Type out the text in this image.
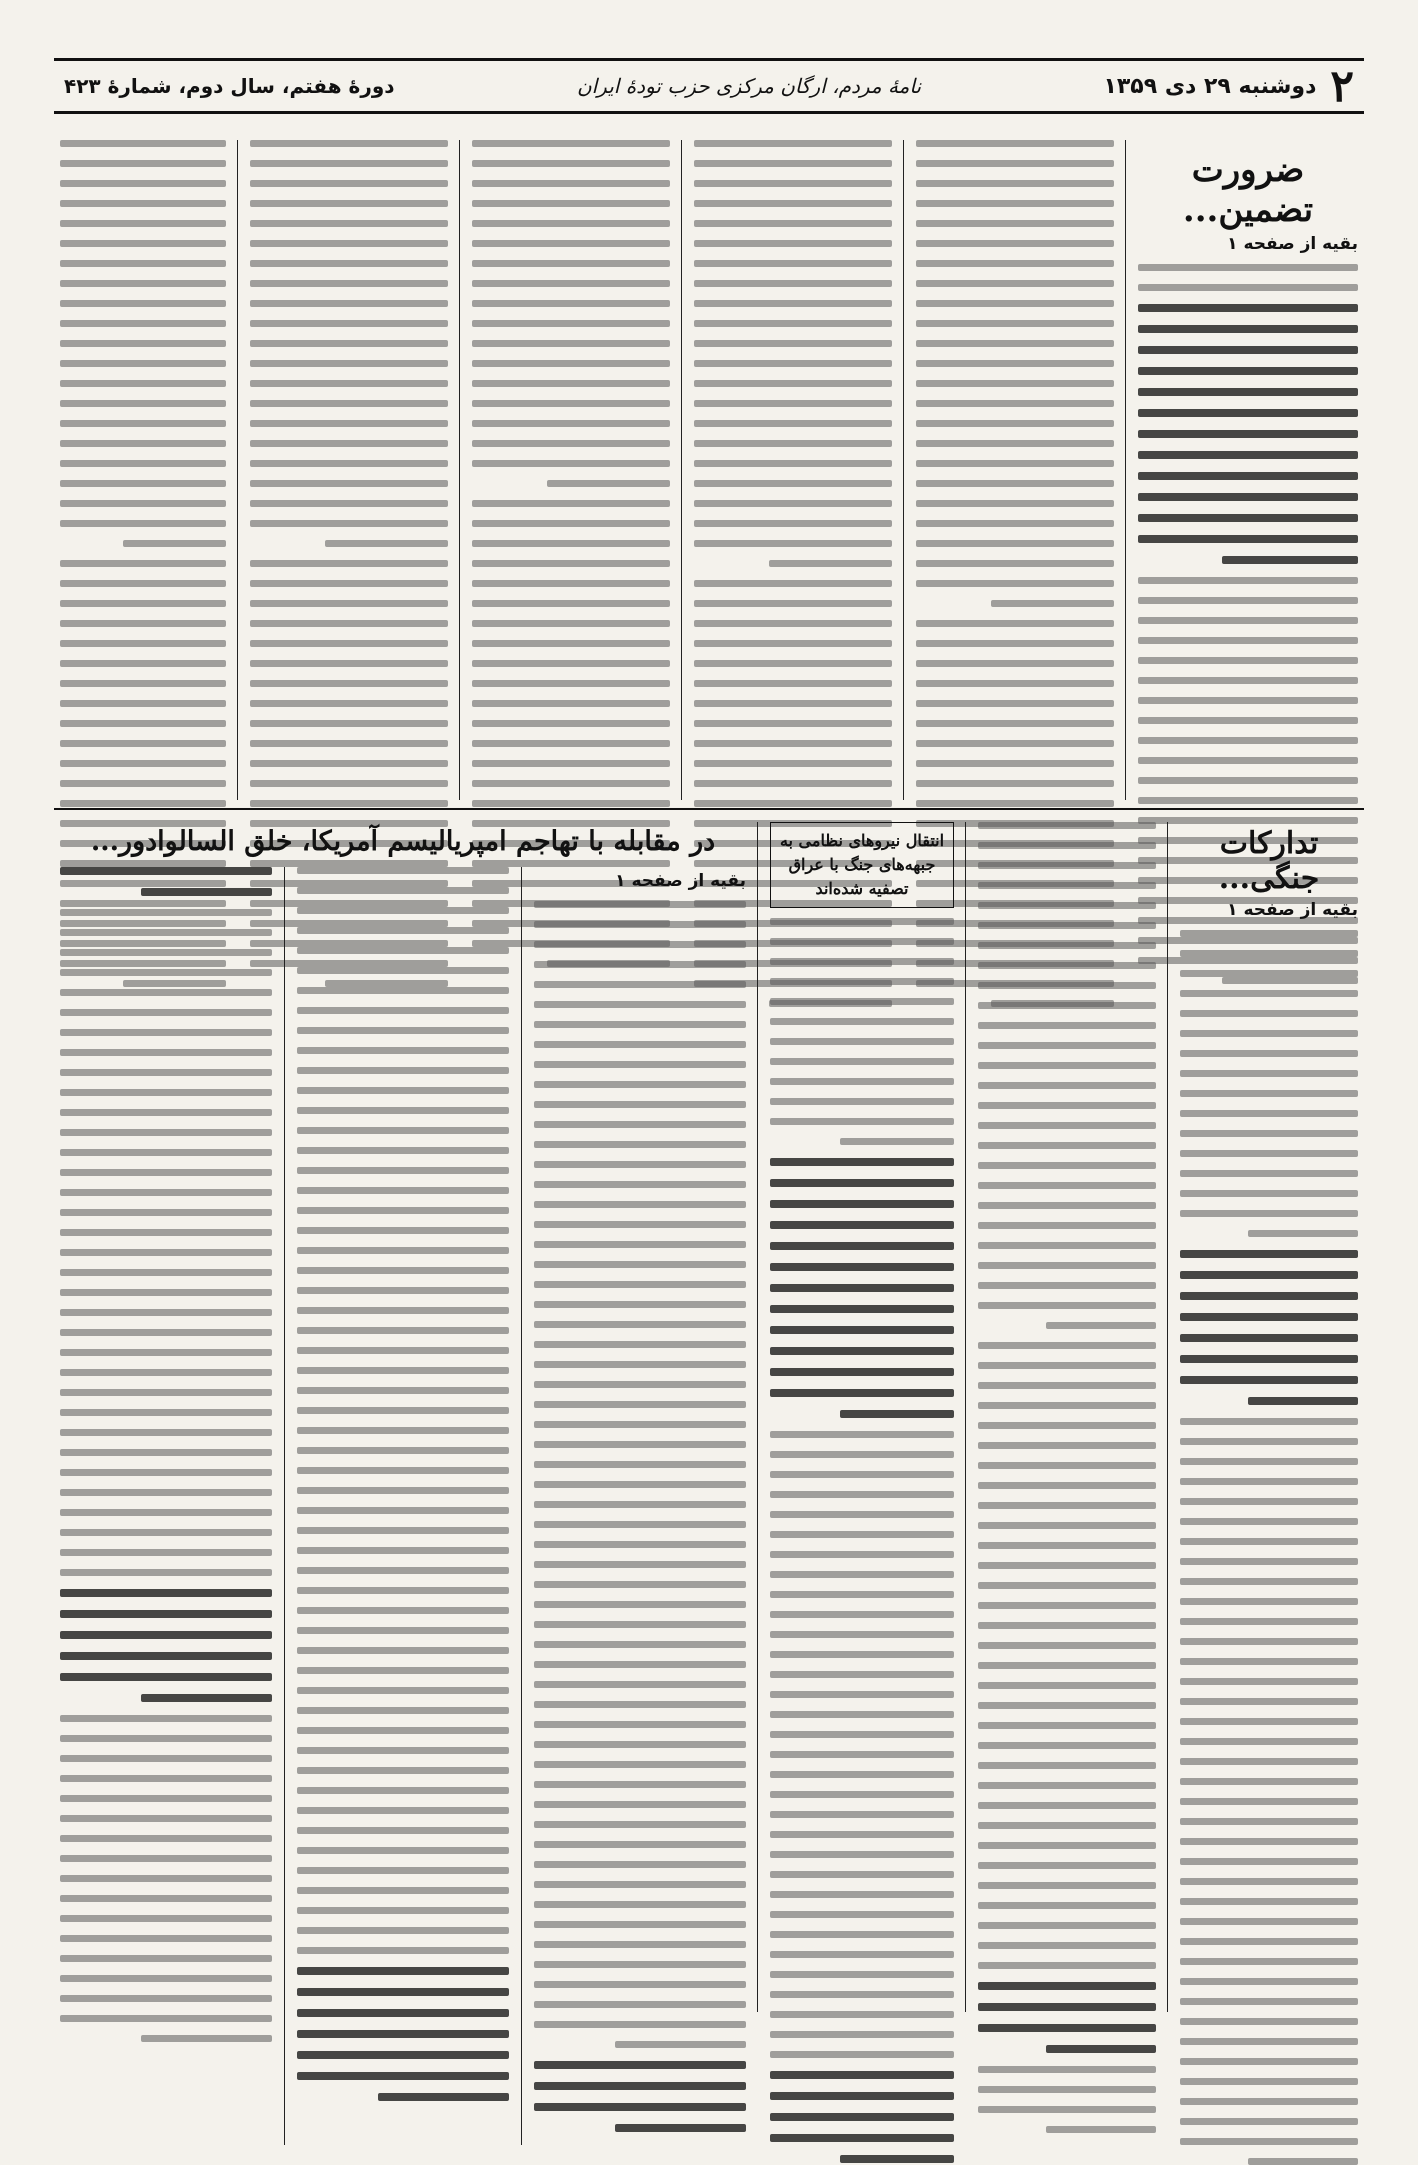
۲
دوشنبه ۲۹ دی ۱۳۵۹
نامهٔ مردم، ارگان مرکزی حزب تودهٔ ایران
دورهٔ هفتم، سال دوم، شمارهٔ ۴۲۳
ضرورت تضمین...
بقیه از صفحه ۱
تدارکات جنگی...
بقیه از صفحه ۱
انتقال نیروهای نظامی به جبهه‌های جنگ با عراق تصفیه شده‌اند
در مقابله با تهاجم امپریالیسم آمریکا، خلق السالوادور...
بقیه از صفحه ۱
